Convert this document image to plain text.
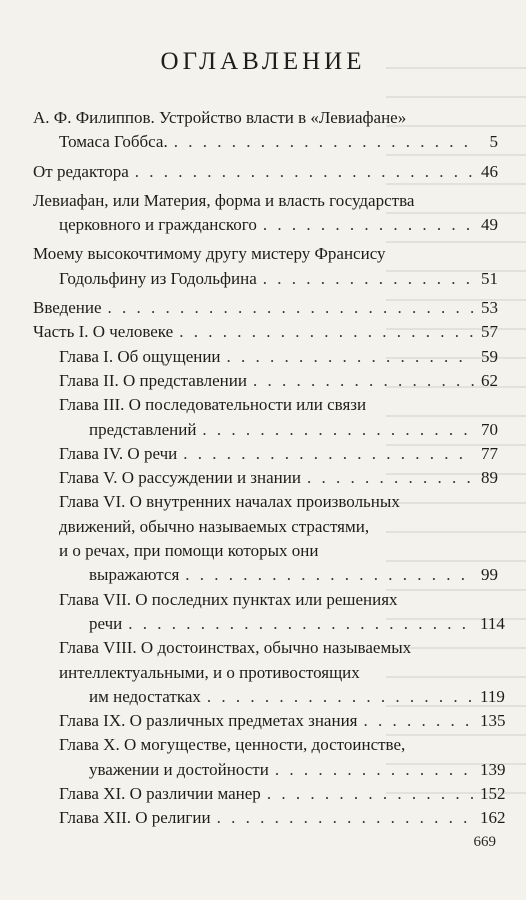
ОГЛАВЛЕНИЕ
А. Ф. Филиппов. Устройство власти в «Левиафане»
Томаса Гоббса. . . .	5
От редактора . . .	46
Левиафан, или Материя, форма и власть государства
церковного и гражданского . . .	49
Моему высокочтимому другу мистеру Франсису
Годольфину из Годольфина . . .	51
Введение . . .	53
Часть I. О человеке . . .	57
Глава I. Об ощущении . . .	59
Глава II. О представлении . . .	62
Глава III. О последовательности или связи
представлений . . .	70
Глава IV. О речи . . .	77
Глава V. О рассуждении и знании . . .	89
Глава VI. О внутренних началах произвольных
движений, обычно называемых страстями,
и о речах, при помощи которых они
выражаются . . .	99
Глава VII. О последних пунктах или решениях
речи . . .	114
Глава VIII. О достоинствах, обычно называемых
интеллектуальными, и о противостоящих
им недостатках . . .	119
Глава IX. О различных предметах знания . . .	135
Глава X. О могуществе, ценности, достоинстве,
уважении и достойности . . .	139
Глава XI. О различии манер . . .	152
Глава XII. О религии . . .	162
669
